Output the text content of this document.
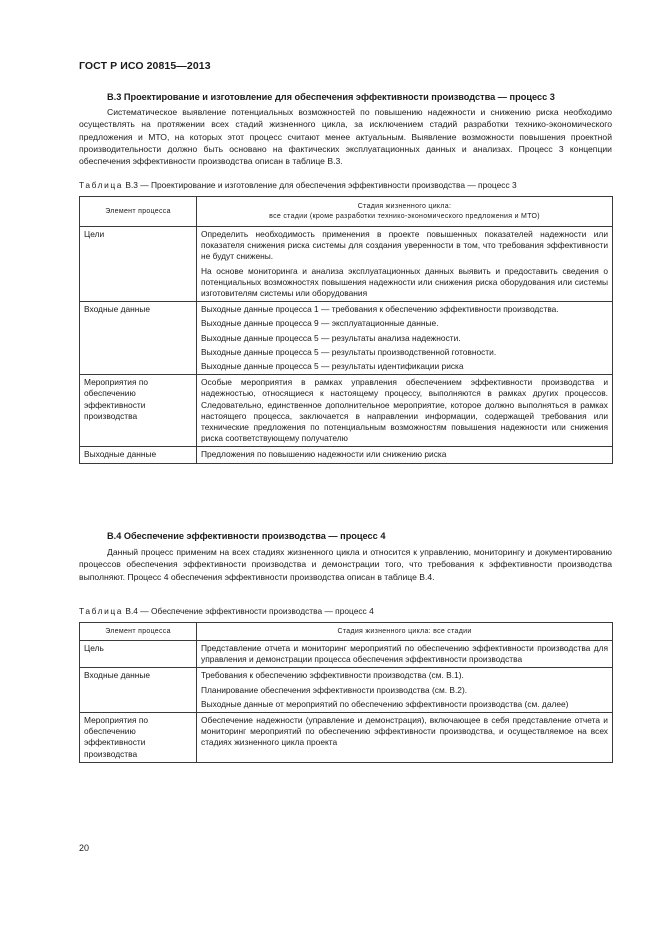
ГОСТ Р ИСО 20815—2013
В.3 Проектирование и изготовление для обеспечения эффективности производства — процесс 3

Систематическое выявление потенциальных возможностей по повышению надежности и снижению риска необходимо осуществлять на протяжении всех стадий жизненного цикла, за исключением стадий разработки технико-экономического предложения и МТО, на которых этот процесс считают менее актуальным. Выявление возможности повышения проектной производительности должно быть основано на фактических эксплуатационных данных и анализах. Процесс 3 концепции обеспечения эффективности производства описан в таблице В.3.

Таблица В.3 — Проектирование и изготовление для обеспечения эффективности производства — процесс 3
Элемент процесса	Стадия жизненного цикла:
все стадии (кроме разработки технико-экономического предложения и МТО)

Цели	Определить необходимость применения в проекте повышенных показателей надежности или показателя снижения риска системы для создания уверенности в том, что требования эффективности не будут снижены.

На основе мониторинга и анализа эксплуатационных данных выявить и предоставить сведения о потенциальных возможностях повышения надежности или снижения риска оборудования или системы изготовителям системы или оборудования

Входные данные	Выходные данные процесса 1 — требования к обеспечению эффективности производства.

Выходные данные процесса 9 — эксплуатационные данные.

Выходные данные процесса 5 — результаты анализа надежности.

Выходные данные процесса 5 — результаты производственной готовности.

Выходные данные процесса 5 — результаты идентификации риска

Мероприятия по обеспечению эффективности производства	Особые мероприятия в рамках управления обеспечением эффективности производства и надежностью, относящиеся к настоящему процессу, выполняются в рамках других процессов. Следовательно, единственное дополнительное мероприятие, которое должно выполняться в рамках настоящего процесса, заключается в направлении информации, содержащей требования или технические предложения по потенциальным возможностям повышения надежности или снижения риска соответствующему получателю

Выходные данные	Предложения по повышению надежности или снижению риска

В.4 Обеспечение эффективности производства — процесс 4

Данный процесс применим на всех стадиях жизненного цикла и относится к управлению, мониторингу и документированию процессов обеспечения эффективности производства и демонстрации того, что требования к эффективности производства выполняют. Процесс 4 обеспечения эффективности производства описан в таблице В.4.

Таблица В.4 — Обеспечение эффективности производства — процесс 4
Элемент процесса	Стадия жизненного цикла: все стадии
Цель	Представление отчета и мониторинг мероприятий по обеспечению эффективности производства для управления и демонстрации процесса обеспечения эффективности производства

Входные данные	Требования к обеспечению эффективности производства (см. В.1).

Планирование обеспечения эффективности производства (см. В.2).

Выходные данные от мероприятий по обеспечению эффективности производства (см. далее)

Мероприятия по обеспечению эффективности производства	Обеспечение надежности (управление и демонстрация), включающее в себя представление отчета и мониторинг мероприятий по обеспечению эффективности производства, и осуществляемое на всех стадиях жизненного цикла проекта

20
